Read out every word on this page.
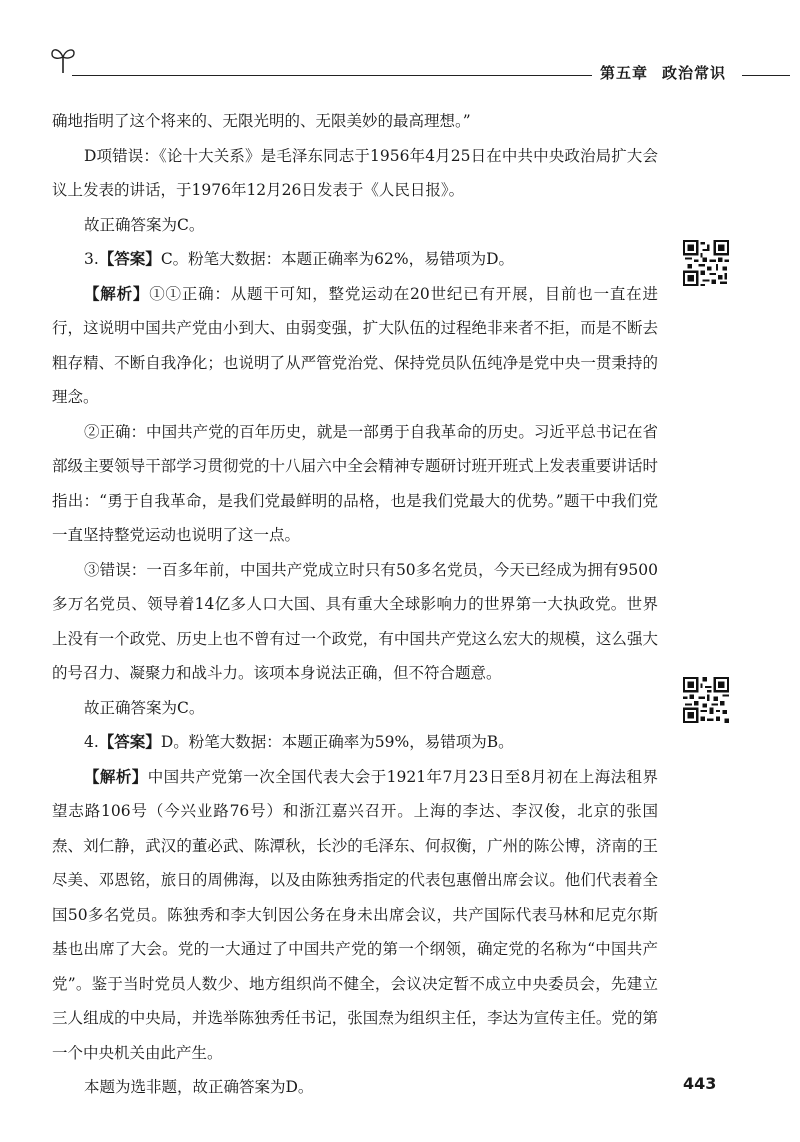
第五章 政治常识

确地指明了这个将来的、无限光明的、无限美妙的最高理想。”

D项错误：《论十大关系》是毛泽东同志于1956年4月25日在中共中央政治局扩大会议上发表的讲话，于1976年12月26日发表于《人民日报》。

故正确答案为C。

3.【答案】C。粉笔大数据：本题正确率为62%，易错项为D。

【解析】①①正确：从题干可知，整党运动在20世纪已有开展，目前也一直在进行，这说明中国共产党由小到大、由弱变强，扩大队伍的过程绝非来者不拒，而是不断去粗存精、不断自我净化；也说明了从严管党治党、保持党员队伍纯净是党中央一贯秉持的理念。

②正确：中国共产党的百年历史，就是一部勇于自我革命的历史。习近平总书记在省部级主要领导干部学习贯彻党的十八届六中全会精神专题研讨班开班式上发表重要讲话时指出：“勇于自我革命，是我们党最鲜明的品格，也是我们党最大的优势。”题干中我们党一直坚持整党运动也说明了这一点。

③错误：一百多年前，中国共产党成立时只有50多名党员，今天已经成为拥有9500多万名党员、领导着14亿多人口大国、具有重大全球影响力的世界第一大执政党。世界上没有一个政党、历史上也不曾有过一个政党，有中国共产党这么宏大的规模，这么强大的号召力、凝聚力和战斗力。该项本身说法正确，但不符合题意。

故正确答案为C。

4.【答案】D。粉笔大数据：本题正确率为59%，易错项为B。

【解析】中国共产党第一次全国代表大会于1921年7月23日至8月初在上海法租界望志路106号（今兴业路76号）和浙江嘉兴召开。上海的李达、李汉俊，北京的张国焘、刘仁静，武汉的董必武、陈潭秋，长沙的毛泽东、何叔衡，广州的陈公博，济南的王尽美、邓恩铭，旅日的周佛海，以及由陈独秀指定的代表包惠僧出席会议。他们代表着全国50多名党员。陈独秀和李大钊因公务在身未出席会议，共产国际代表马林和尼克尔斯基也出席了大会。党的一大通过了中国共产党的第一个纲领，确定党的名称为“中国共产党”。鉴于当时党员人数少、地方组织尚不健全，会议决定暂不成立中央委员会，先建立三人组成的中央局，并选举陈独秀任书记，张国焘为组织主任，李达为宣传主任。党的第一个中央机关由此产生。

本题为选非题，故正确答案为D。	443
